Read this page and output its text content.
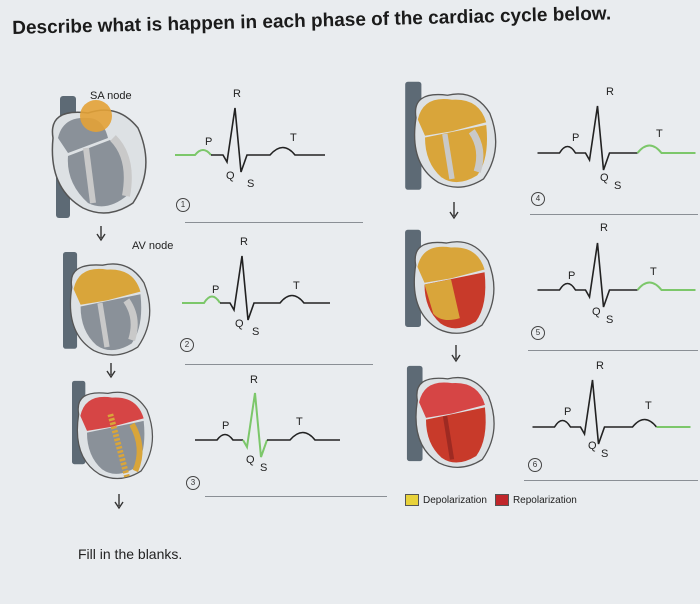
Describe what is happen in each phase of the cardiac cycle below.
SA node
AV node
R
P	T
Q
S
R
P	T
Q
S
R
P	T
Q
S
1
2
3
R
P	T
Q
S
R
P	T
Q
S
R
P	T
Q
S
4
5
6
Depolarization	Repolarization
Fill in the blanks.
